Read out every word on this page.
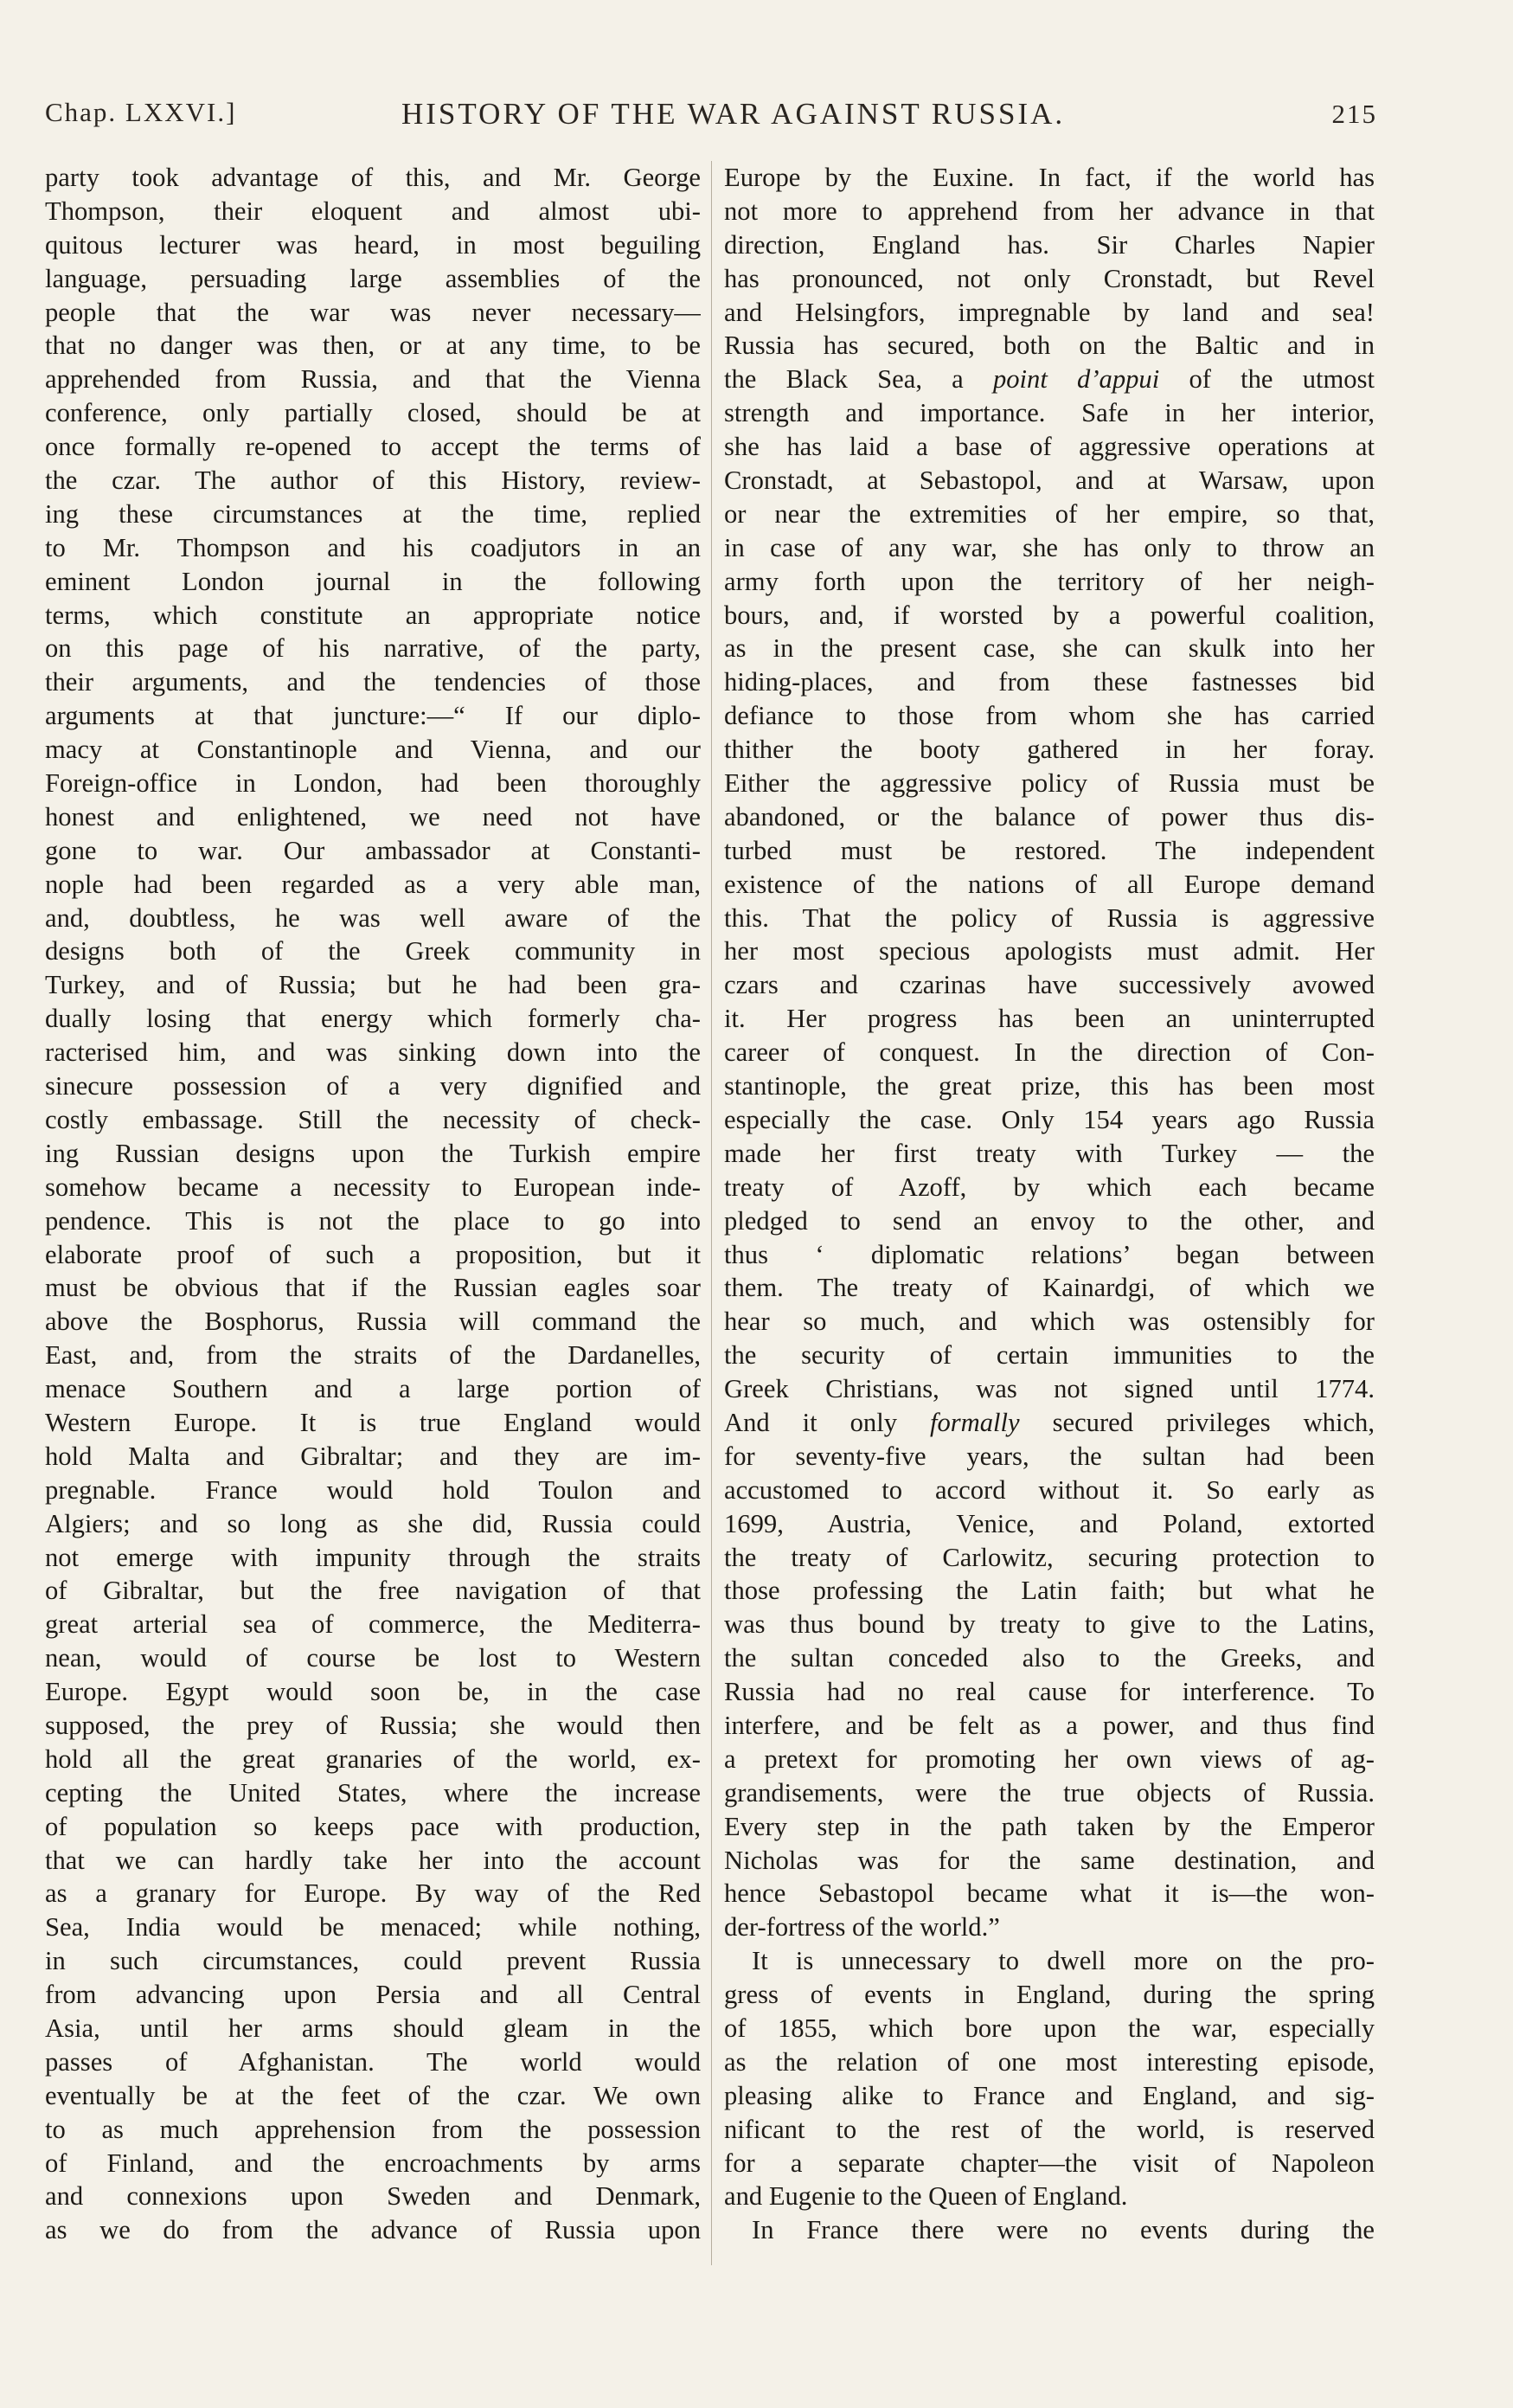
Chap. LXXVI.]	HISTORY OF THE WAR AGAINST RUSSIA.	215
party took advantage of this, and Mr. George
Thompson, their eloquent and almost ubi-
quitous lecturer was heard, in most beguiling
language, persuading large assemblies of the
people that the war was never necessary—
that no danger was then, or at any time, to be
apprehended from Russia, and that the Vienna
conference, only partially closed, should be at
once formally re-opened to accept the terms of
the czar. The author of this History, review-
ing these circumstances at the time, replied
to Mr. Thompson and his coadjutors in an
eminent London journal in the following
terms, which constitute an appropriate notice
on this page of his narrative, of the party,
their arguments, and the tendencies of those
arguments at that juncture:—“ If our diplo-
macy at Constantinople and Vienna, and our
Foreign-office in London, had been thoroughly
honest and enlightened, we need not have
gone to war. Our ambassador at Constanti-
nople had been regarded as a very able man,
and, doubtless, he was well aware of the
designs both of the Greek community in
Turkey, and of Russia; but he had been gra-
dually losing that energy which formerly cha-
racterised him, and was sinking down into the
sinecure possession of a very dignified and
costly embassage. Still the necessity of check-
ing Russian designs upon the Turkish empire
somehow became a necessity to European inde-
pendence. This is not the place to go into
elaborate proof of such a proposition, but it
must be obvious that if the Russian eagles soar
above the Bosphorus, Russia will command the
East, and, from the straits of the Dardanelles,
menace Southern and a large portion of
Western Europe. It is true England would
hold Malta and Gibraltar; and they are im-
pregnable. France would hold Toulon and
Algiers; and so long as she did, Russia could
not emerge with impunity through the straits
of Gibraltar, but the free navigation of that
great arterial sea of commerce, the Mediterra-
nean, would of course be lost to Western
Europe. Egypt would soon be, in the case
supposed, the prey of Russia; she would then
hold all the great granaries of the world, ex-
cepting the United States, where the increase
of population so keeps pace with production,
that we can hardly take her into the account
as a granary for Europe. By way of the Red
Sea, India would be menaced; while nothing,
in such circumstances, could prevent Russia
from advancing upon Persia and all Central
Asia, until her arms should gleam in the
passes of Afghanistan. The world would
eventually be at the feet of the czar. We own
to as much apprehension from the possession
of Finland, and the encroachments by arms
and connexions upon Sweden and Denmark,
as we do from the advance of Russia upon
Europe by the Euxine. In fact, if the world has
not more to apprehend from her advance in that
direction, England has. Sir Charles Napier
has pronounced, not only Cronstadt, but Revel
and Helsingfors, impregnable by land and sea!
Russia has secured, both on the Baltic and in
the Black Sea, a point d’appui of the utmost
strength and importance. Safe in her interior,
she has laid a base of aggressive operations at
Cronstadt, at Sebastopol, and at Warsaw, upon
or near the extremities of her empire, so that,
in case of any war, she has only to throw an
army forth upon the territory of her neigh-
bours, and, if worsted by a powerful coalition,
as in the present case, she can skulk into her
hiding-places, and from these fastnesses bid
defiance to those from whom she has carried
thither the booty gathered in her foray.
Either the aggressive policy of Russia must be
abandoned, or the balance of power thus dis-
turbed must be restored. The independent
existence of the nations of all Europe demand
this. That the policy of Russia is aggressive
her most specious apologists must admit. Her
czars and czarinas have successively avowed
it. Her progress has been an uninterrupted
career of conquest. In the direction of Con-
stantinople, the great prize, this has been most
especially the case. Only 154 years ago Russia
made her first treaty with Turkey — the
treaty of Azoff, by which each became
pledged to send an envoy to the other, and
thus ‘ diplomatic relations’ began between
them. The treaty of Kainardgi, of which we
hear so much, and which was ostensibly for
the security of certain immunities to the
Greek Christians, was not signed until 1774.
And it only formally secured privileges which,
for seventy-five years, the sultan had been
accustomed to accord without it. So early as
1699, Austria, Venice, and Poland, extorted
the treaty of Carlowitz, securing protection to
those professing the Latin faith; but what he
was thus bound by treaty to give to the Latins,
the sultan conceded also to the Greeks, and
Russia had no real cause for interference. To
interfere, and be felt as a power, and thus find
a pretext for promoting her own views of ag-
grandisements, were the true objects of Russia.
Every step in the path taken by the Emperor
Nicholas was for the same destination, and
hence Sebastopol became what it is—the won-
der-fortress of the world.”
It is unnecessary to dwell more on the pro-
gress of events in England, during the spring
of 1855, which bore upon the war, especially
as the relation of one most interesting episode,
pleasing alike to France and England, and sig-
nificant to the rest of the world, is reserved
for a separate chapter—the visit of Napoleon
and Eugenie to the Queen of England.
In France there were no events during the
